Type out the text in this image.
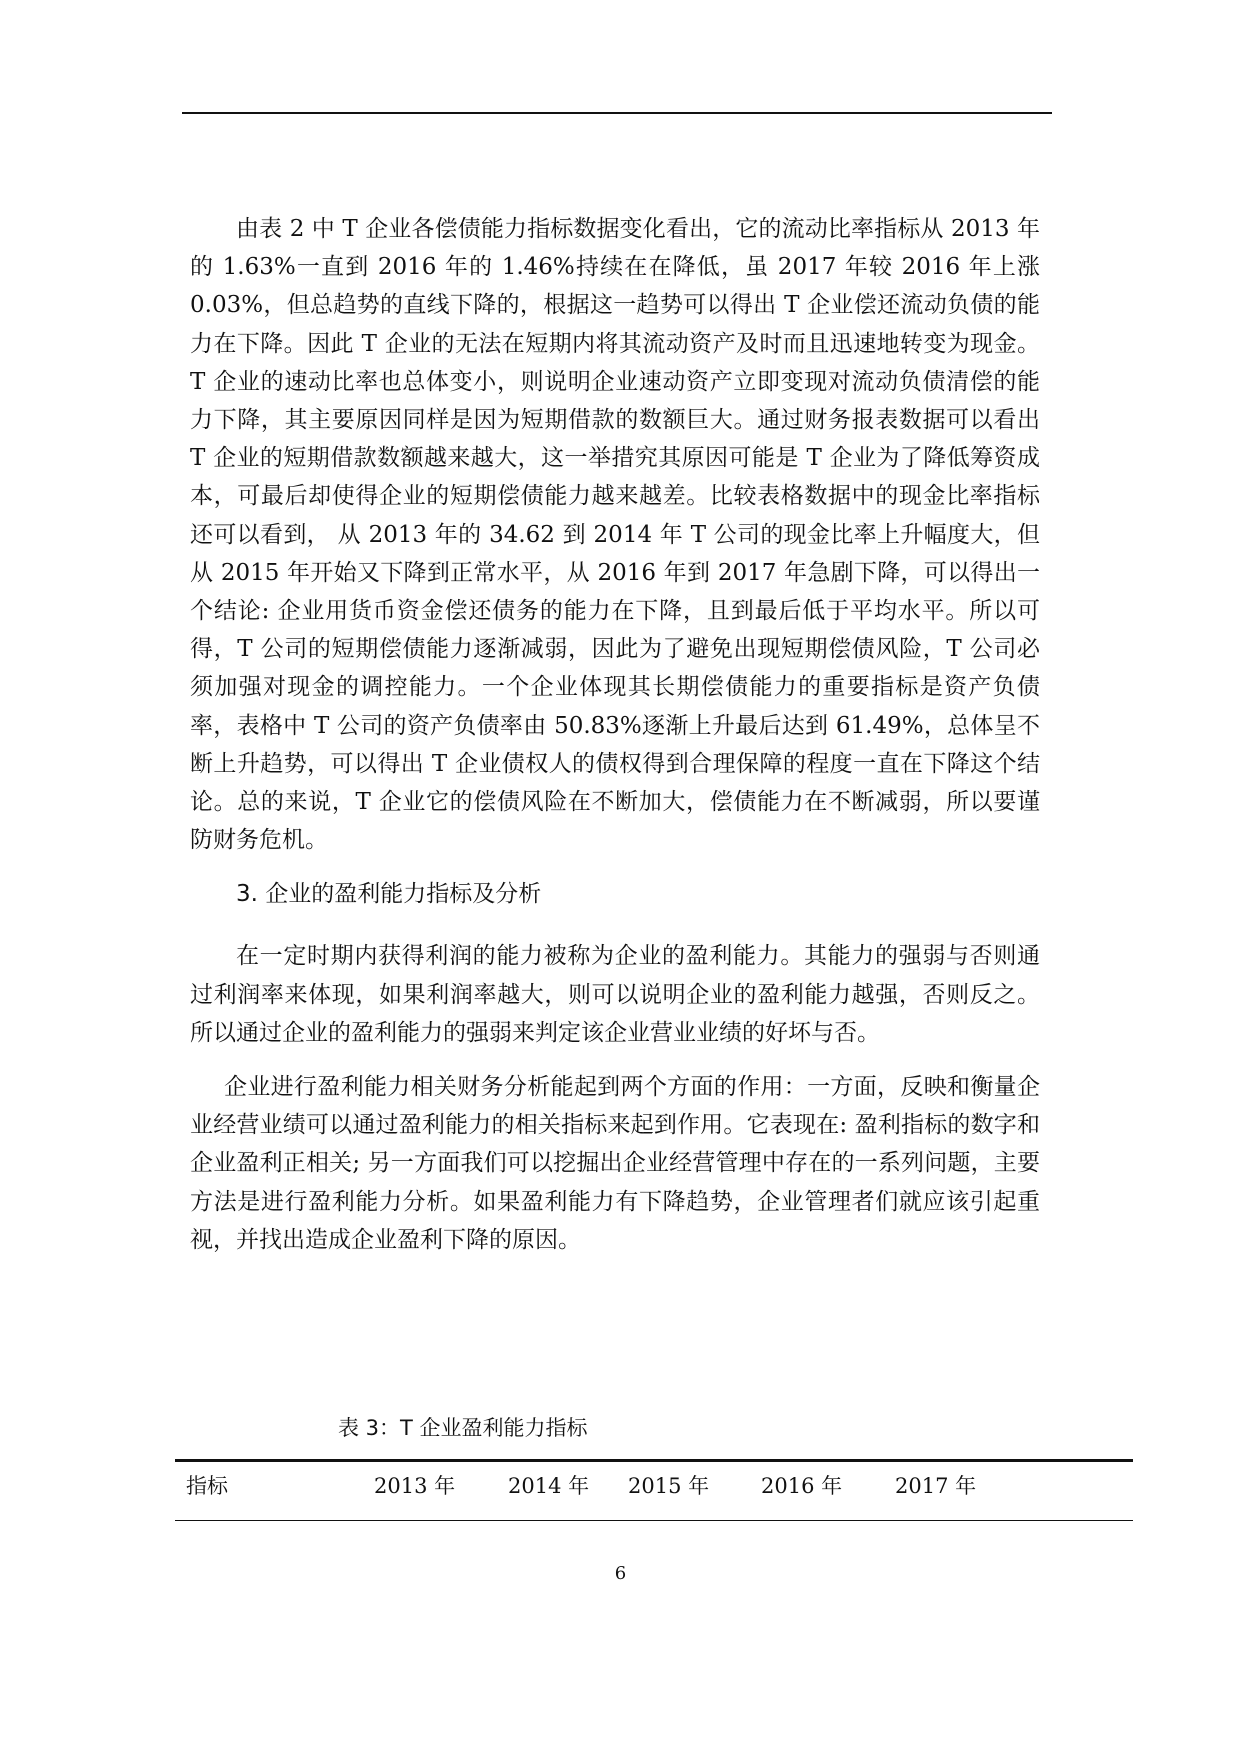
由表 2 中 T 企业各偿债能力指标数据变化看出，它的流动比率指标从 2013 年的 1.63%一直到 2016 年的 1.46%持续在在降低，虽 2017 年较 2016 年上涨 0.03%，但总趋势的直线下降的，根据这一趋势可以得出 T 企业偿还流动负债的能力在下降。因此 T 企业的无法在短期内将其流动资产及时而且迅速地转变为现金。T 企业的速动比率也总体变小，则说明企业速动资产立即变现对流动负债清偿的能力下降，其主要原因同样是因为短期借款的数额巨大。通过财务报表数据可以看出 T 企业的短期借款数额越来越大，这一举措究其原因可能是 T 企业为了降低筹资成本，可最后却使得企业的短期偿债能力越来越差。比较表格数据中的现金比率指标还可以看到， 从 2013 年的 34.62 到 2014 年 T 公司的现金比率上升幅度大，但从 2015 年开始又下降到正常水平，从 2016 年到 2017 年急剧下降，可以得出一个结论: 企业用货币资金偿还债务的能力在下降，且到最后低于平均水平。所以可得，T 公司的短期偿债能力逐渐减弱，因此为了避免出现短期偿债风险，T 公司必须加强对现金的调控能力。一个企业体现其长期偿债能力的重要指标是资产负债率，表格中 T 公司的资产负债率由 50.83%逐渐上升最后达到 61.49%，总体呈不断上升趋势，可以得出 T 企业债权人的债权得到合理保障的程度一直在下降这个结论。总的来说，T 企业它的偿债风险在不断加大，偿债能力在不断减弱，所以要谨防财务危机。

3. 企业的盈利能力指标及分析

在一定时期内获得利润的能力被称为企业的盈利能力。其能力的强弱与否则通过利润率来体现，如果利润率越大，则可以说明企业的盈利能力越强，否则反之。所以通过企业的盈利能力的强弱来判定该企业营业业绩的好坏与否。

企业进行盈利能力相关财务分析能起到两个方面的作用：一方面，反映和衡量企业经营业绩可以通过盈利能力的相关指标来起到作用。它表现在: 盈利指标的数字和企业盈利正相关; 另一方面我们可以挖掘出企业经营管理中存在的一系列问题，主要方法是进行盈利能力分析。如果盈利能力有下降趋势，企业管理者们就应该引起重视，并找出造成企业盈利下降的原因。

表 3：T 企业盈利能力指标
指标	2013 年	2014 年 2015 年 2016 年	2017 年
6
